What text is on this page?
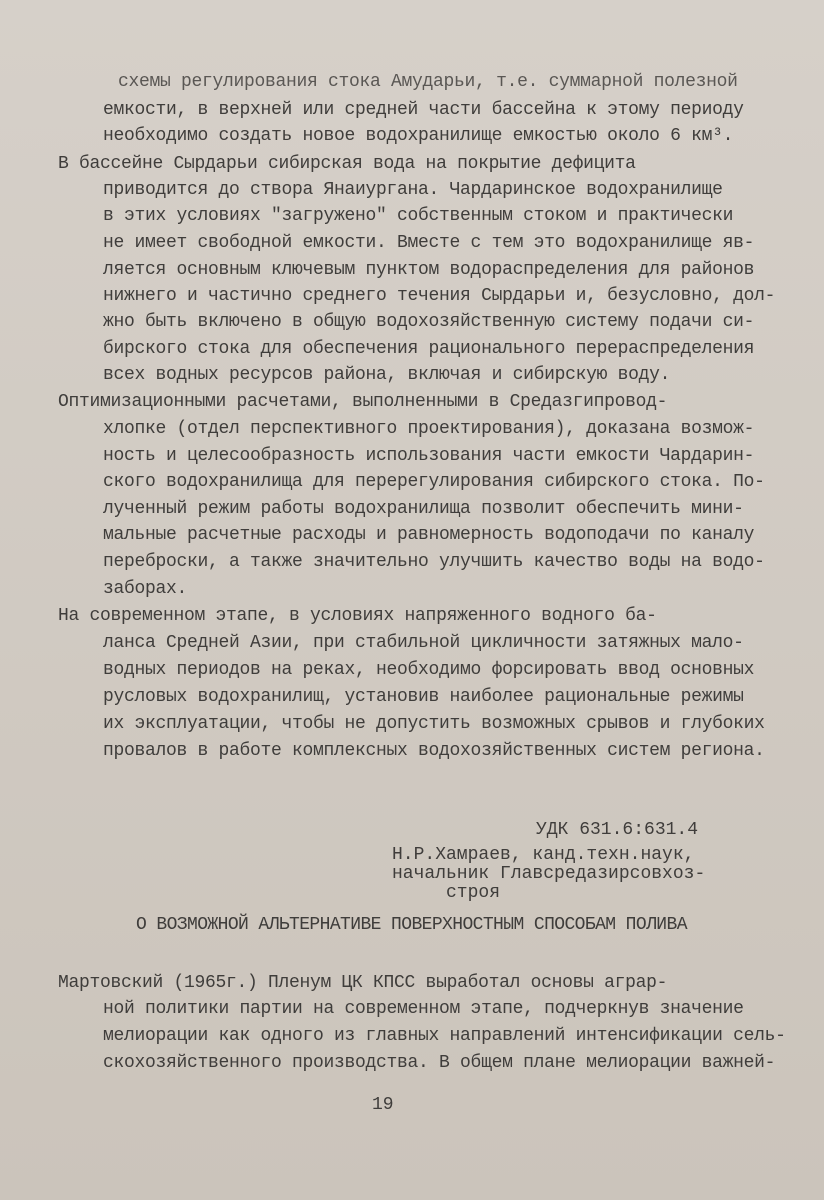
схемы регулирования стока Амударьи, т.е. суммарной полезной

емкости, в верхней или средней части бассейна к этому периоду

необходимо создать новое водохранилище емкостью около 6 км³.

В бассейне Сырдарьи сибирская вода на покрытие дефицита

приводится до створа Янаиургана. Чардаринское водохранилище

в этих условиях "загружено" собственным стоком и практически

не имеет свободной емкости. Вместе с тем это водохранилище яв-

ляется основным ключевым пунктом водораспределения для районов

нижнего и частично среднего течения Сырдарьи и, безусловно, дол-

жно быть включено в общую водохозяйственную систему подачи си-

бирского стока для обеспечения рационального перераспределения

всех водных ресурсов района, включая и сибирскую воду.

Оптимизационными расчетами, выполненными в Средазгипровод-

хлопке (отдел перспективного проектирования), доказана возмож-

ность и целесообразность использования части емкости Чардарин-

ского водохранилища для перерегулирования сибирского стока. По-

лученный режим работы водохранилища позволит обеспечить мини-

мальные расчетные расходы и равномерность водоподачи по каналу

переброски, а также значительно улучшить качество воды на водо-

заборах.

На современном этапе, в условиях напряженного водного ба-

ланса Средней Азии, при стабильной цикличности затяжных мало-

водных периодов на реках, необходимо форсировать ввод основных

русловых водохранилищ, установив наиболее рациональные режимы

их эксплуатации, чтобы не допустить возможных срывов и глубоких

провалов в работе комплексных водохозяйственных систем региона.

УДК 631.6:631.4
Н.Р.Хамраев, канд.техн.наук,
начальник Главсредазирсовхоз-
строя
О ВОЗМОЖНОЙ АЛЬТЕРНАТИВЕ ПОВЕРХНОСТНЫМ СПОСОБАМ ПОЛИВА

Мартовский (1965г.) Пленум ЦК КПСС выработал основы аграр-

ной политики партии на современном этапе, подчеркнув значение

мелиорации как одного из главных направлений интенсификации сель-

скохозяйственного производства. В общем плане мелиорации важней-

19
